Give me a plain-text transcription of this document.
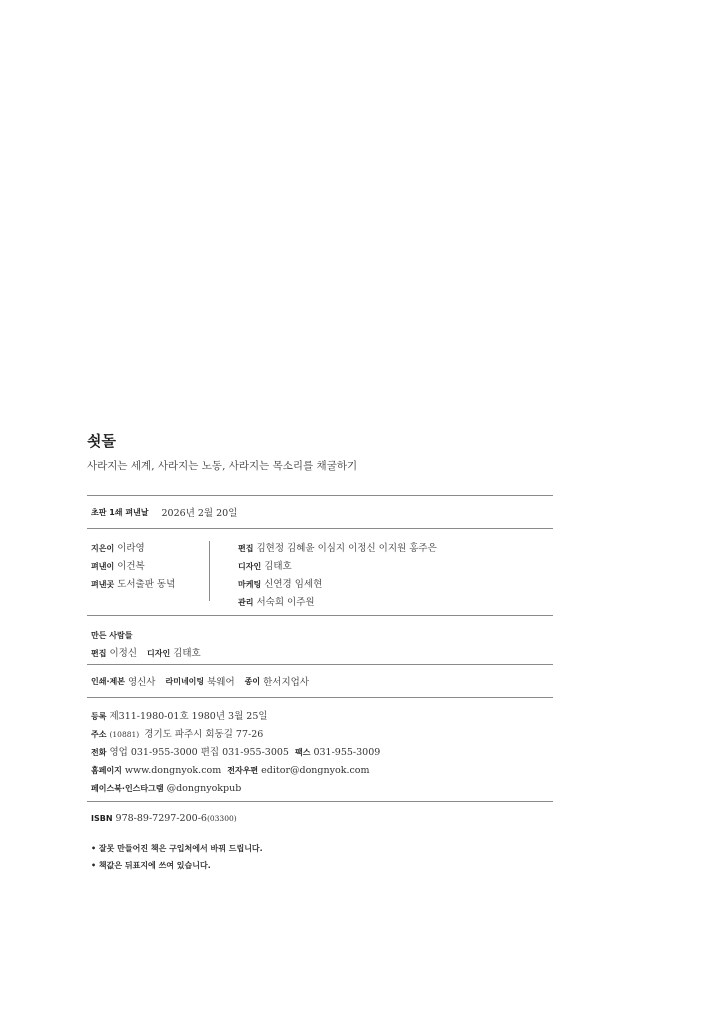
쇳돌
사라지는 세계, 사라지는 노동, 사라지는 목소리를 채굴하기
초판 1쇄 펴낸날 2026년 2월 20일
지은이 이라영
펴낸이 이건복
펴낸곳 도서출판 동녘
편집 김현정 김혜윤 이심지 이정신 이지원 홍주은
디자인 김태호
마케팅 신연경 임세현
관리 서숙희 이주원
만든 사람들
편집 이정신 디자인 김태호
인쇄·제본 영신사 라미네이팅 북웨어 종이 한서지업사
등록 제311-1980-01호 1980년 3월 25일
주소 (10881) 경기도 파주시 회동길 77-26
전화 영업 031-955-3000 편집 031-955-3005 팩스 031-955-3009
홈페이지 www.dongnyok.com 전자우편 editor@dongnyok.com
페이스북·인스타그램 @dongnyokpub
ISBN 978-89-7297-200-6 (03300)
• 잘못 만들어진 책은 구입처에서 바꿔 드립니다.
• 책값은 뒤표지에 쓰여 있습니다.
